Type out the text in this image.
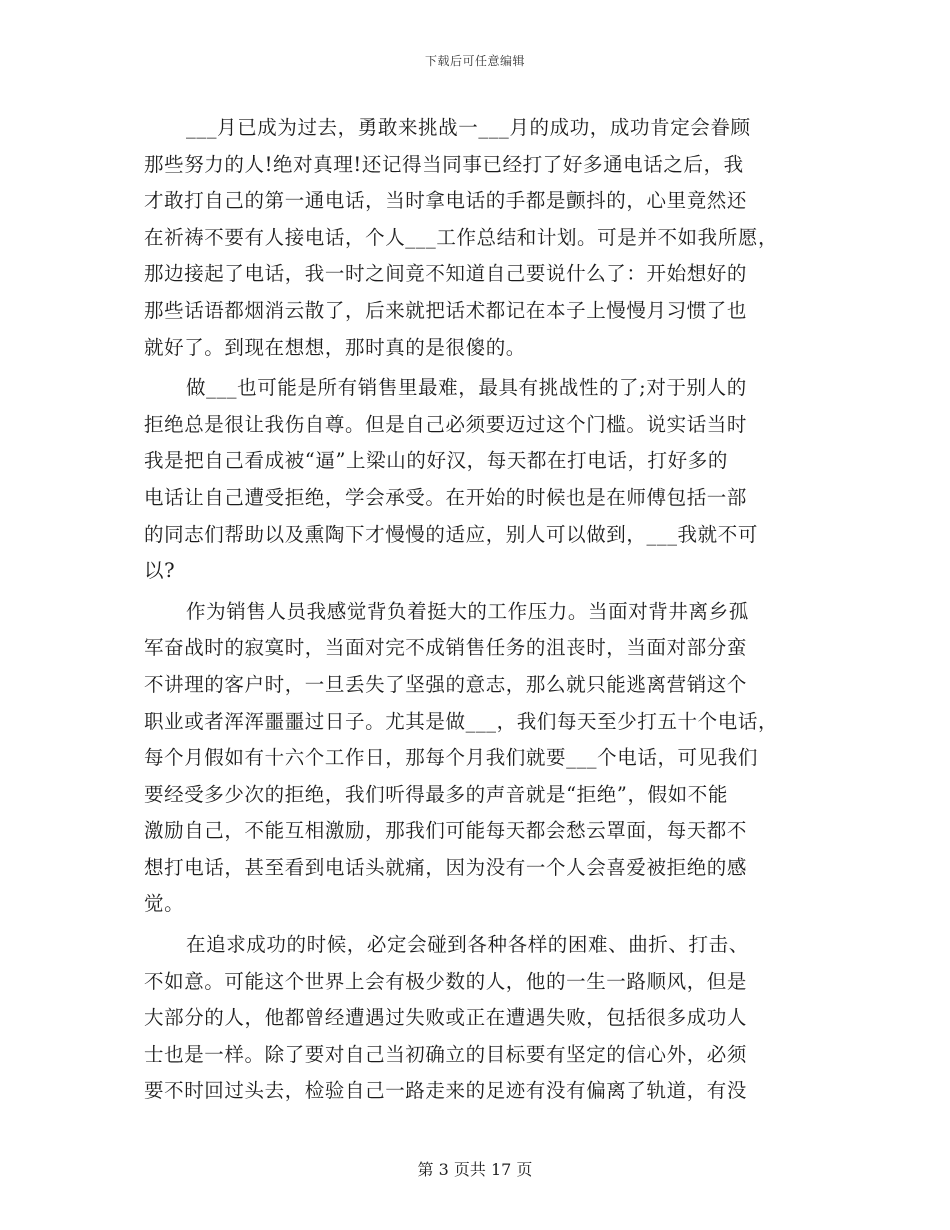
下载后可任意编辑
___月已成为过去，勇敢来挑战一___月的成功，成功肯定会眷顾
那些努力的人!绝对真理!还记得当同事已经打了好多通电话之后，我
才敢打自己的第一通电话，当时拿电话的手都是颤抖的，心里竟然还
在祈祷不要有人接电话，个人___工作总结和计划。可是并不如我所愿，
那边接起了电话，我一时之间竟不知道自己要说什么了：开始想好的
那些话语都烟消云散了，后来就把话术都记在本子上慢慢月习惯了也
就好了。到现在想想，那时真的是很傻的。
做___也可能是所有销售里最难，最具有挑战性的了;对于别人的
拒绝总是很让我伤自尊。但是自己必须要迈过这个门槛。说实话当时
我是把自己看成被“逼”上梁山的好汉，每天都在打电话，打好多的
电话让自己遭受拒绝，学会承受。在开始的时候也是在师傅包括一部
的同志们帮助以及熏陶下才慢慢的适应，别人可以做到，___我就不可
以?
作为销售人员我感觉背负着挺大的工作压力。当面对背井离乡孤
军奋战时的寂寞时，当面对完不成销售任务的沮丧时，当面对部分蛮
不讲理的客户时，一旦丢失了坚强的意志，那么就只能逃离营销这个
职业或者浑浑噩噩过日子。尤其是做___，我们每天至少打五十个电话，
每个月假如有十六个工作日，那每个月我们就要___个电话，可见我们
要经受多少次的拒绝，我们听得最多的声音就是“拒绝”，假如不能
激励自己，不能互相激励，那我们可能每天都会愁云罩面，每天都不
想打电话，甚至看到电话头就痛，因为没有一个人会喜爱被拒绝的感
觉。
在追求成功的时候，必定会碰到各种各样的困难、曲折、打击、
不如意。可能这个世界上会有极少数的人，他的一生一路顺风，但是
大部分的人，他都曾经遭遇过失败或正在遭遇失败，包括很多成功人
士也是一样。除了要对自己当初确立的目标要有坚定的信心外，必须
要不时回过头去，检验自己一路走来的足迹有没有偏离了轨道，有没
第 3 页共 17 页
